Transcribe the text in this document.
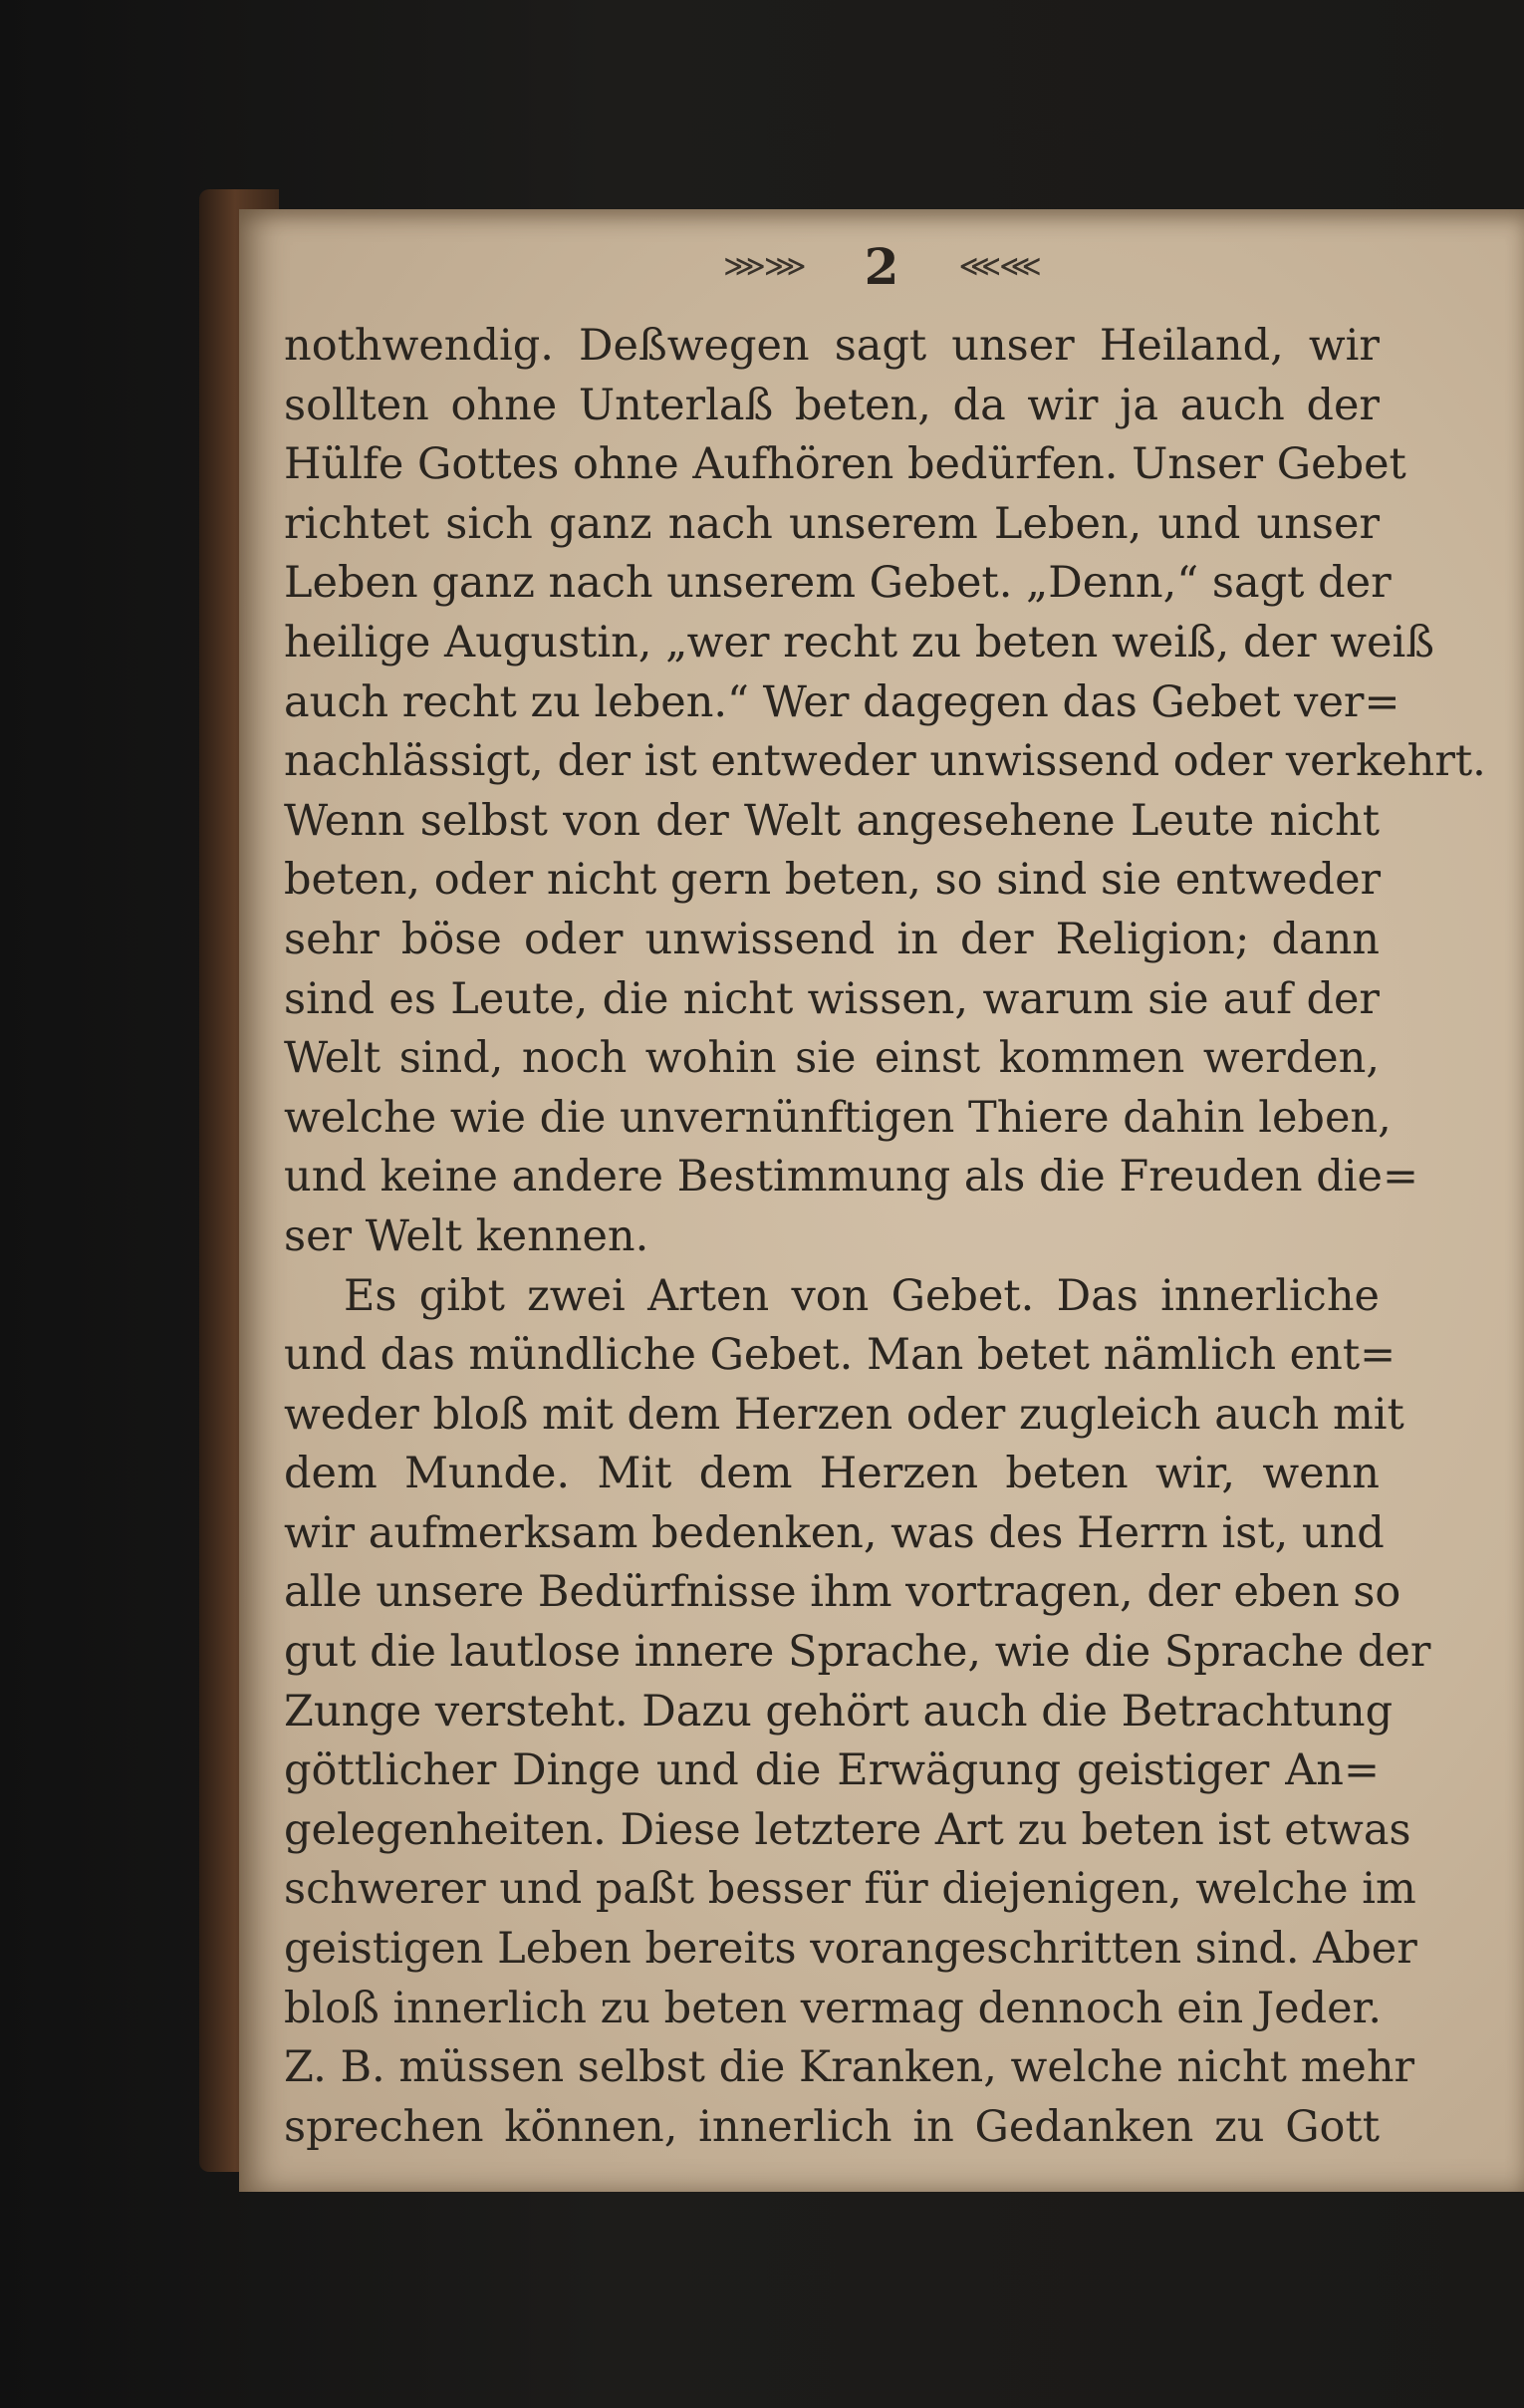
⋙⋙ 2 ⋘⋘
nothwendig. Deßwegen sagt unser Heiland, wir
sollten ohne Unterlaß beten, da wir ja auch der
Hülfe Gottes ohne Aufhören bedürfen. Unser Gebet
richtet sich ganz nach unserem Leben, und unser
Leben ganz nach unserem Gebet. „Denn,“ sagt der
heilige Augustin, „wer recht zu beten weiß, der weiß
auch recht zu leben.“ Wer dagegen das Gebet ver=
nachlässigt, der ist entweder unwissend oder verkehrt.
Wenn selbst von der Welt angesehene Leute nicht
beten, oder nicht gern beten, so sind sie entweder
sehr böse oder unwissend in der Religion; dann
sind es Leute, die nicht wissen, warum sie auf der
Welt sind, noch wohin sie einst kommen werden,
welche wie die unvernünftigen Thiere dahin leben,
und keine andere Bestimmung als die Freuden die=
ser Welt kennen.
Es gibt zwei Arten von Gebet. Das innerliche
und das mündliche Gebet. Man betet nämlich ent=
weder bloß mit dem Herzen oder zugleich auch mit
dem Munde. Mit dem Herzen beten wir, wenn
wir aufmerksam bedenken, was des Herrn ist, und
alle unsere Bedürfnisse ihm vortragen, der eben so
gut die lautlose innere Sprache, wie die Sprache der
Zunge versteht. Dazu gehört auch die Betrachtung
göttlicher Dinge und die Erwägung geistiger An=
gelegenheiten. Diese letztere Art zu beten ist etwas
schwerer und paßt besser für diejenigen, welche im
geistigen Leben bereits vorangeschritten sind. Aber
bloß innerlich zu beten vermag dennoch ein Jeder.
Z. B. müssen selbst die Kranken, welche nicht mehr
sprechen können, innerlich in Gedanken zu Gott
